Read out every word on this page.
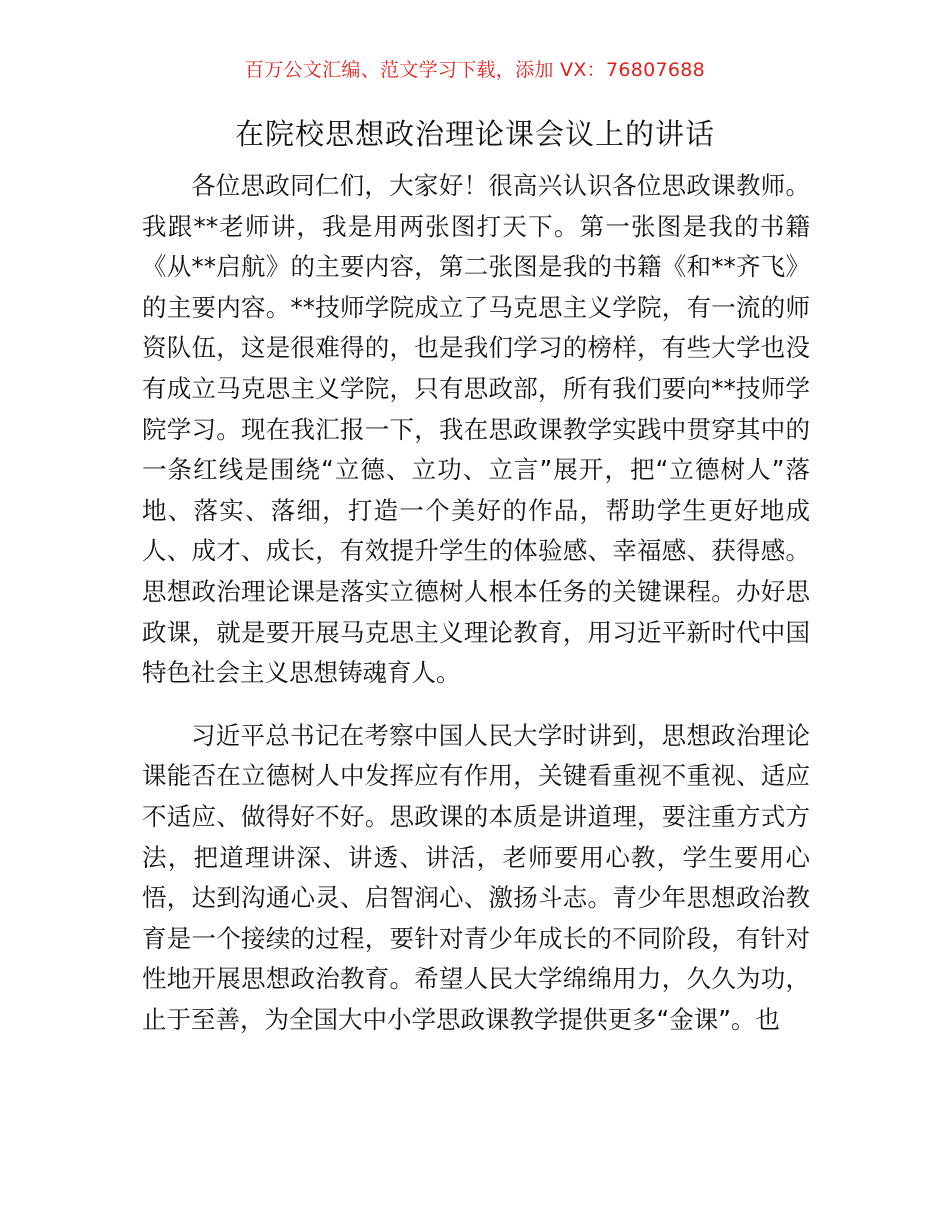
百万公文汇编、范文学习下载，添加 VX：76807688
在院校思想政治理论课会议上的讲话

各位思政同仁们，大家好！很高兴认识各位思政课教师。我跟**老师讲，我是用两张图打天下。第一张图是我的书籍《从**启航》的主要内容，第二张图是我的书籍《和**齐飞》的主要内容。**技师学院成立了马克思主义学院，有一流的师资队伍，这是很难得的，也是我们学习的榜样，有些大学也没有成立马克思主义学院，只有思政部，所有我们要向**技师学院学习。现在我汇报一下，我在思政课教学实践中贯穿其中的一条红线是围绕“立德、立功、立言”展开，把“立德树人”落地、落实、落细，打造一个美好的作品，帮助学生更好地成人、成才、成长，有效提升学生的体验感、幸福感、获得感。思想政治理论课是落实立德树人根本任务的关键课程。办好思政课，就是要开展马克思主义理论教育，用习近平新时代中国特色社会主义思想铸魂育人。

习近平总书记在考察中国人民大学时讲到，思想政治理论课能否在立德树人中发挥应有作用，关键看重视不重视、适应不适应、做得好不好。思政课的本质是讲道理，要注重方式方法，把道理讲深、讲透、讲活，老师要用心教，学生要用心悟，达到沟通心灵、启智润心、激扬斗志。青少年思想政治教育是一个接续的过程，要针对青少年成长的不同阶段，有针对性地开展思想政治教育。希望人民大学绵绵用力，久久为功，止于至善，为全国大中小学思政课教学提供更多“金课”。也
